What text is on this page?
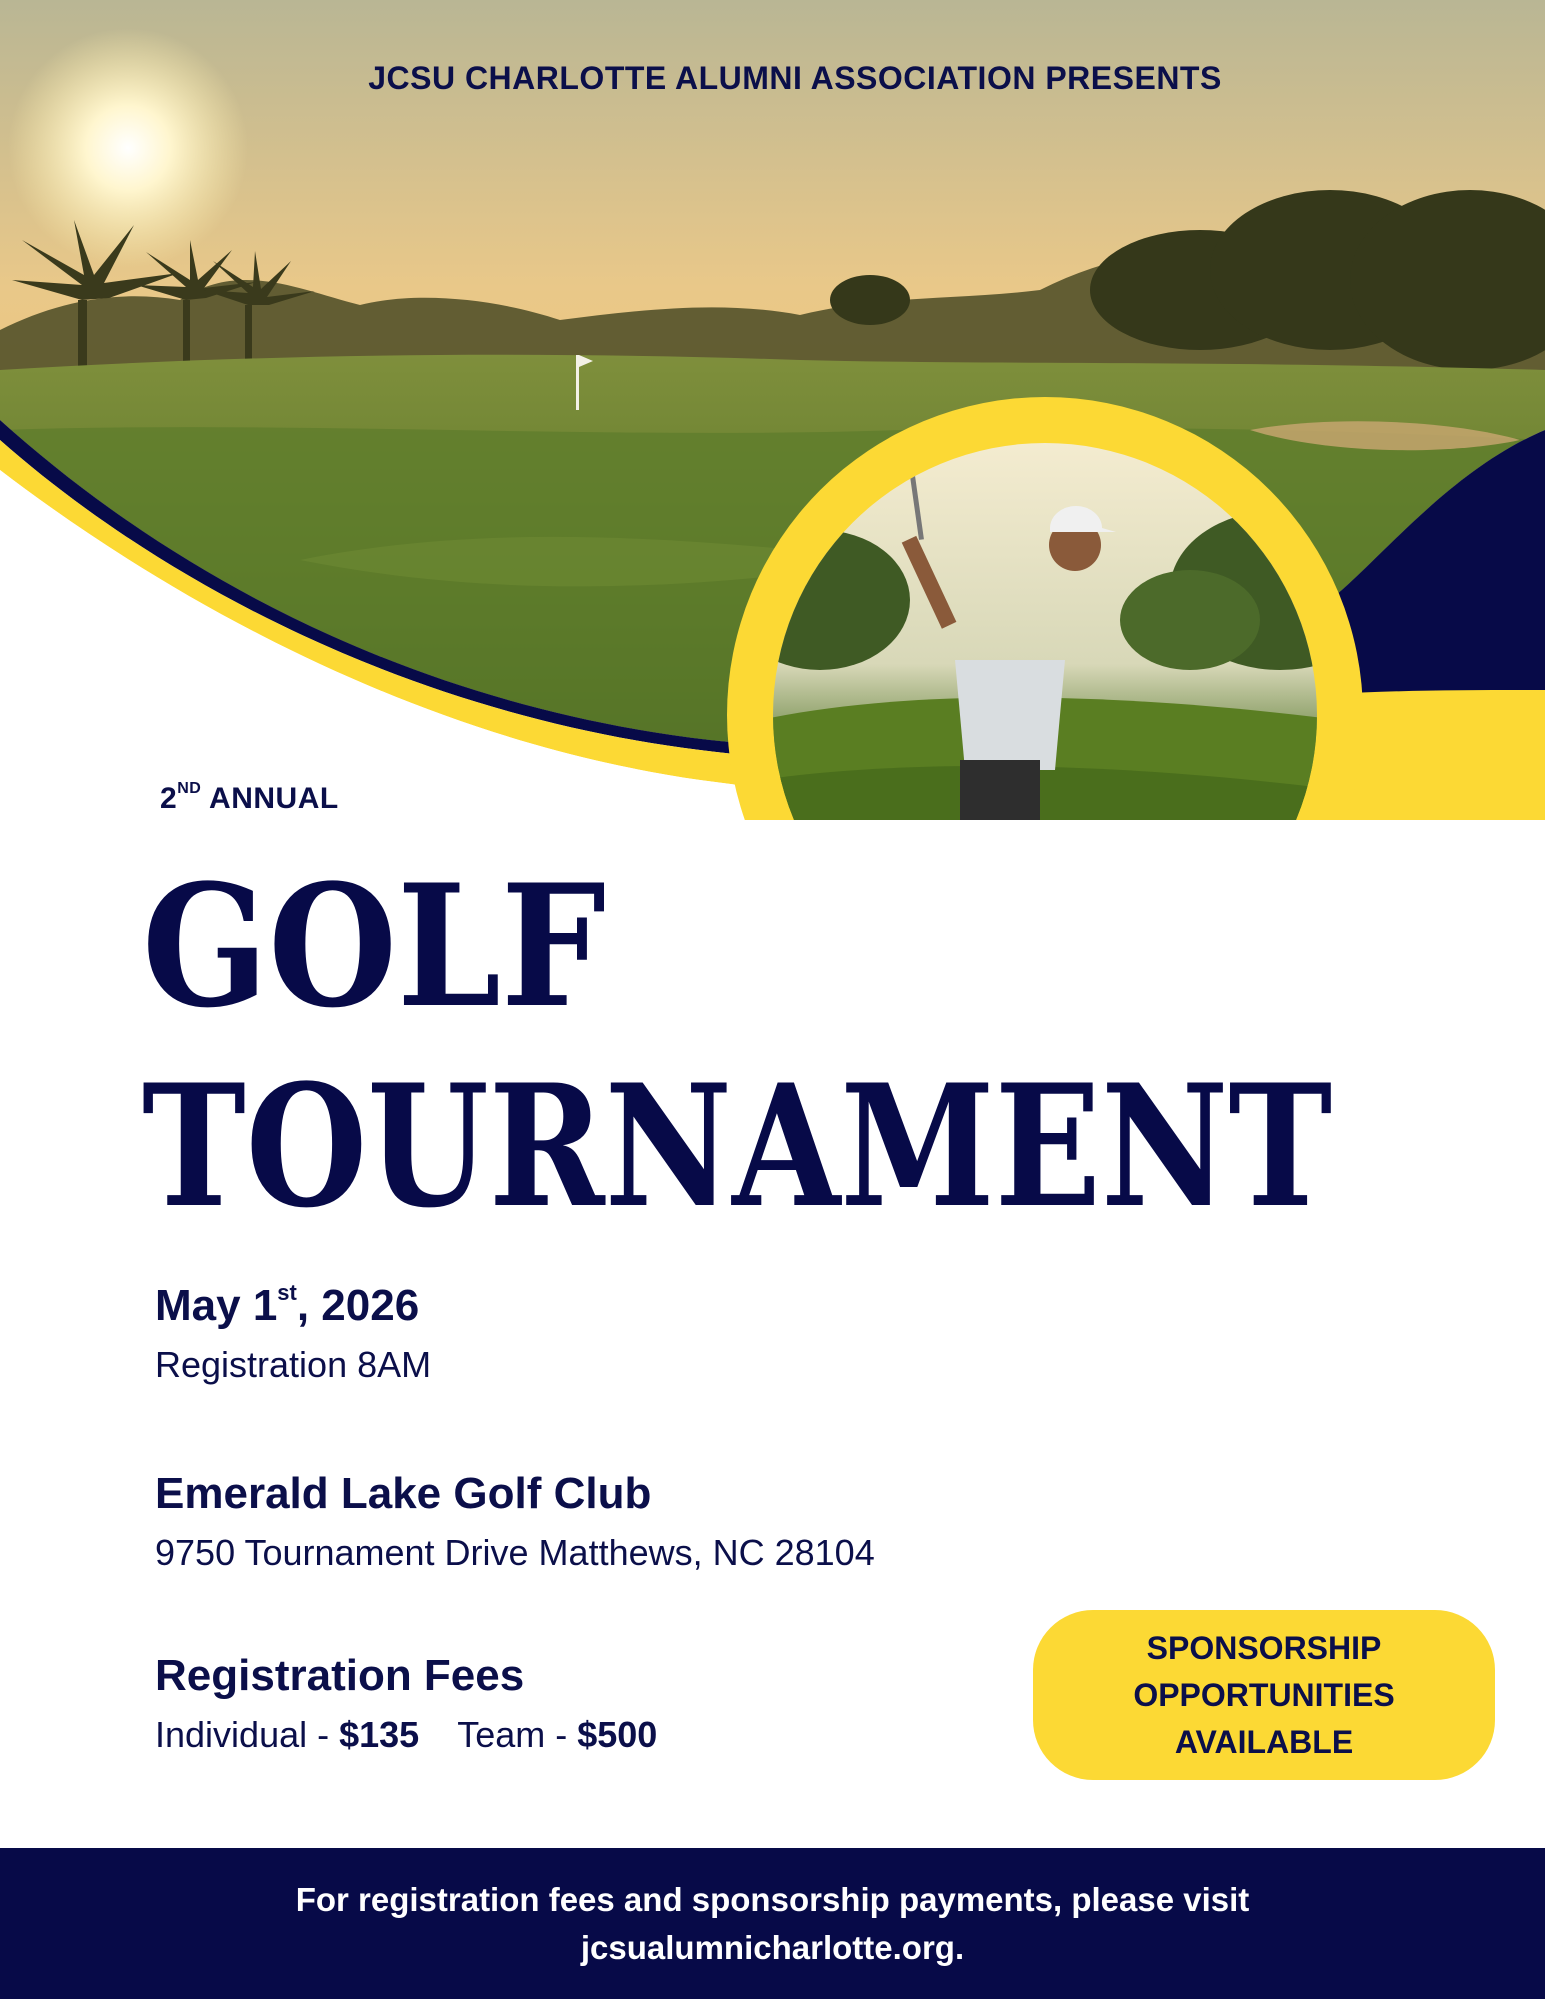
JCSU CHARLOTTE ALUMNI ASSOCIATION PRESENTS
2ND ANNUAL
GOLF
TOURNAMENT
May 1st, 2026
Registration 8AM
Emerald Lake Golf Club
9750 Tournament Drive Matthews, NC 28104
Registration Fees
Individual - $135 Team - $500
SPONSORSHIP
OPPORTUNITIES
AVAILABLE
For registration fees and sponsorship payments, please visit
jcsualumnicharlotte.org.
